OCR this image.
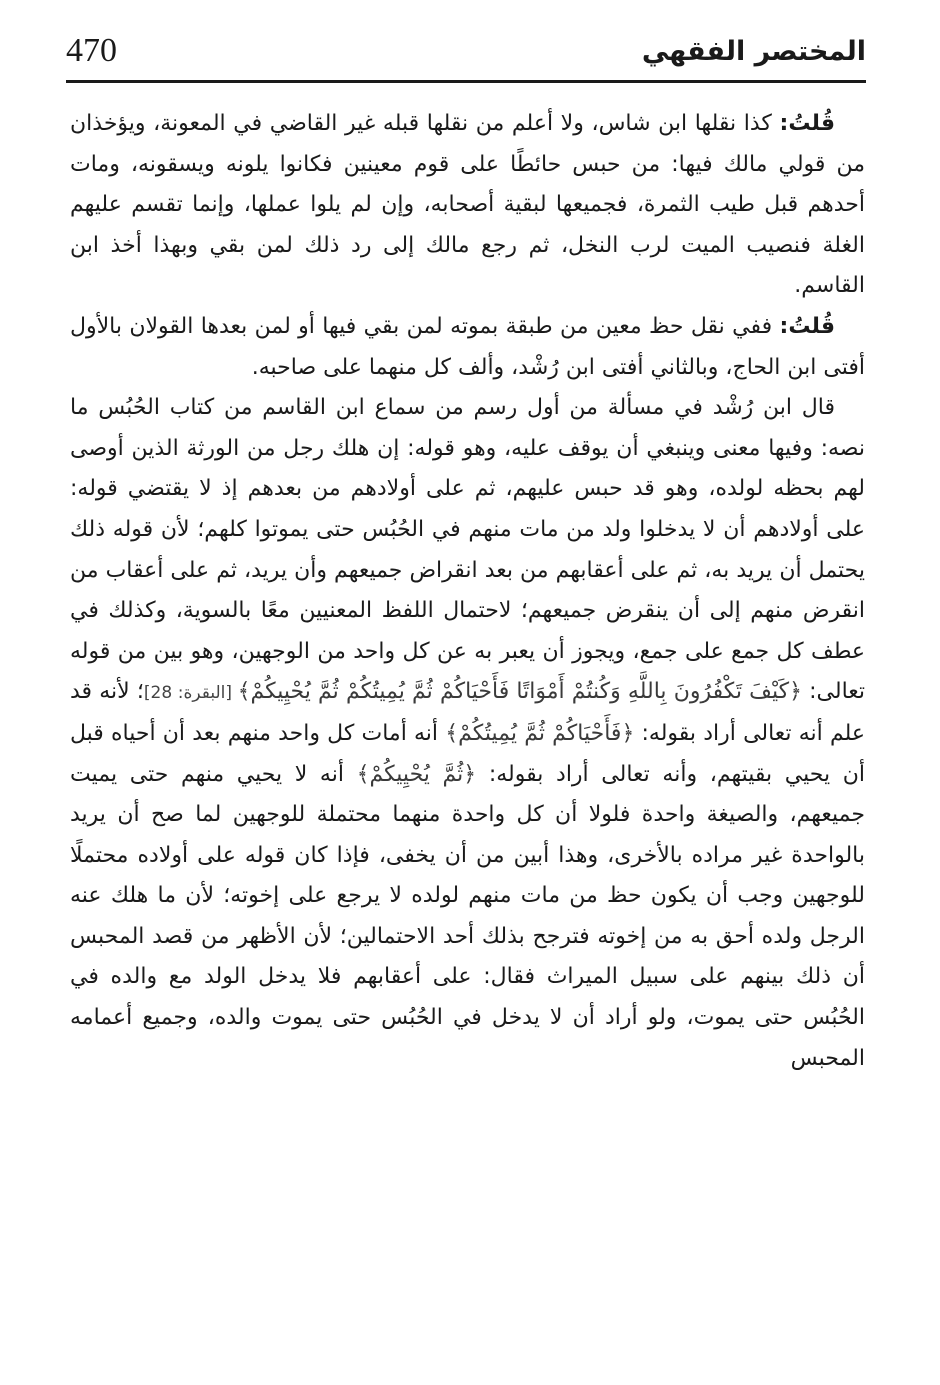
470	المختصر الفقهي

قُلتُ: كذا نقلها ابن شاس، ولا أعلم من نقلها قبله غير القاضي في المعونة، ويؤخذان من قولي مالك فيها: من حبس حائطًا على قوم معينين فكانوا يلونه ويسقونه، ومات أحدهم قبل طيب الثمرة، فجميعها لبقية أصحابه، وإن لم يلوا عملها، وإنما تقسم عليهم الغلة فنصيب الميت لرب النخل، ثم رجع مالك إلى رد ذلك لمن بقي وبهذا أخذ ابن القاسم.

قُلتُ: ففي نقل حظ معين من طبقة بموته لمن بقي فيها أو لمن بعدها القولان بالأول أفتى ابن الحاج، وبالثاني أفتى ابن رُشْد، وألف كل منهما على صاحبه.

قال ابن رُشْد في مسألة من أول رسم من سماع ابن القاسم من كتاب الحُبُس ما نصه: وفيها معنى وينبغي أن يوقف عليه، وهو قوله: إن هلك رجل من الورثة الذين أوصى لهم بحظه لولده، وهو قد حبس عليهم، ثم على أولادهم من بعدهم إذ لا يقتضي قوله: على أولادهم أن لا يدخلوا ولد من مات منهم في الحُبُس حتى يموتوا كلهم؛ لأن قوله ذلك يحتمل أن يريد به، ثم على أعقابهم من بعد انقراض جميعهم وأن يريد، ثم على أعقاب من انقرض منهم إلى أن ينقرض جميعهم؛ لاحتمال اللفظ المعنيين معًا بالسوية، وكذلك في عطف كل جمع على جمع، ويجوز أن يعبر به عن كل واحد من الوجهين، وهو بين من قوله تعالى: ﴿كَيْفَ تَكْفُرُونَ بِاللَّهِ وَكُنتُمْ أَمْوَاتًا فَأَحْيَاكُمْ ثُمَّ يُمِيتُكُمْ ثُمَّ يُحْيِيكُمْ﴾ [البقرة: 28]؛ لأنه قد علم أنه تعالى أراد بقوله: ﴿فَأَحْيَاكُمْ ثُمَّ يُمِيتُكُمْ﴾ أنه أمات كل واحد منهم بعد أن أحياه قبل أن يحيي بقيتهم، وأنه تعالى أراد بقوله: ﴿ثُمَّ يُحْيِيكُمْ﴾ أنه لا يحيي منهم حتى يميت جميعهم، والصيغة واحدة فلولا أن كل واحدة منهما محتملة للوجهين لما صح أن يريد بالواحدة غير مراده بالأخرى، وهذا أبين من أن يخفى، فإذا كان قوله على أولاده محتملًا للوجهين وجب أن يكون حظ من مات منهم لولده لا يرجع على إخوته؛ لأن ما هلك عنه الرجل ولده أحق به من إخوته فترجح بذلك أحد الاحتمالين؛ لأن الأظهر من قصد المحبس أن ذلك بينهم على سبيل الميراث فقال: على أعقابهم فلا يدخل الولد مع والده في الحُبُس حتى يموت، ولو أراد أن لا يدخل في الحُبُس حتى يموت والده، وجميع أعمامه المحبس
